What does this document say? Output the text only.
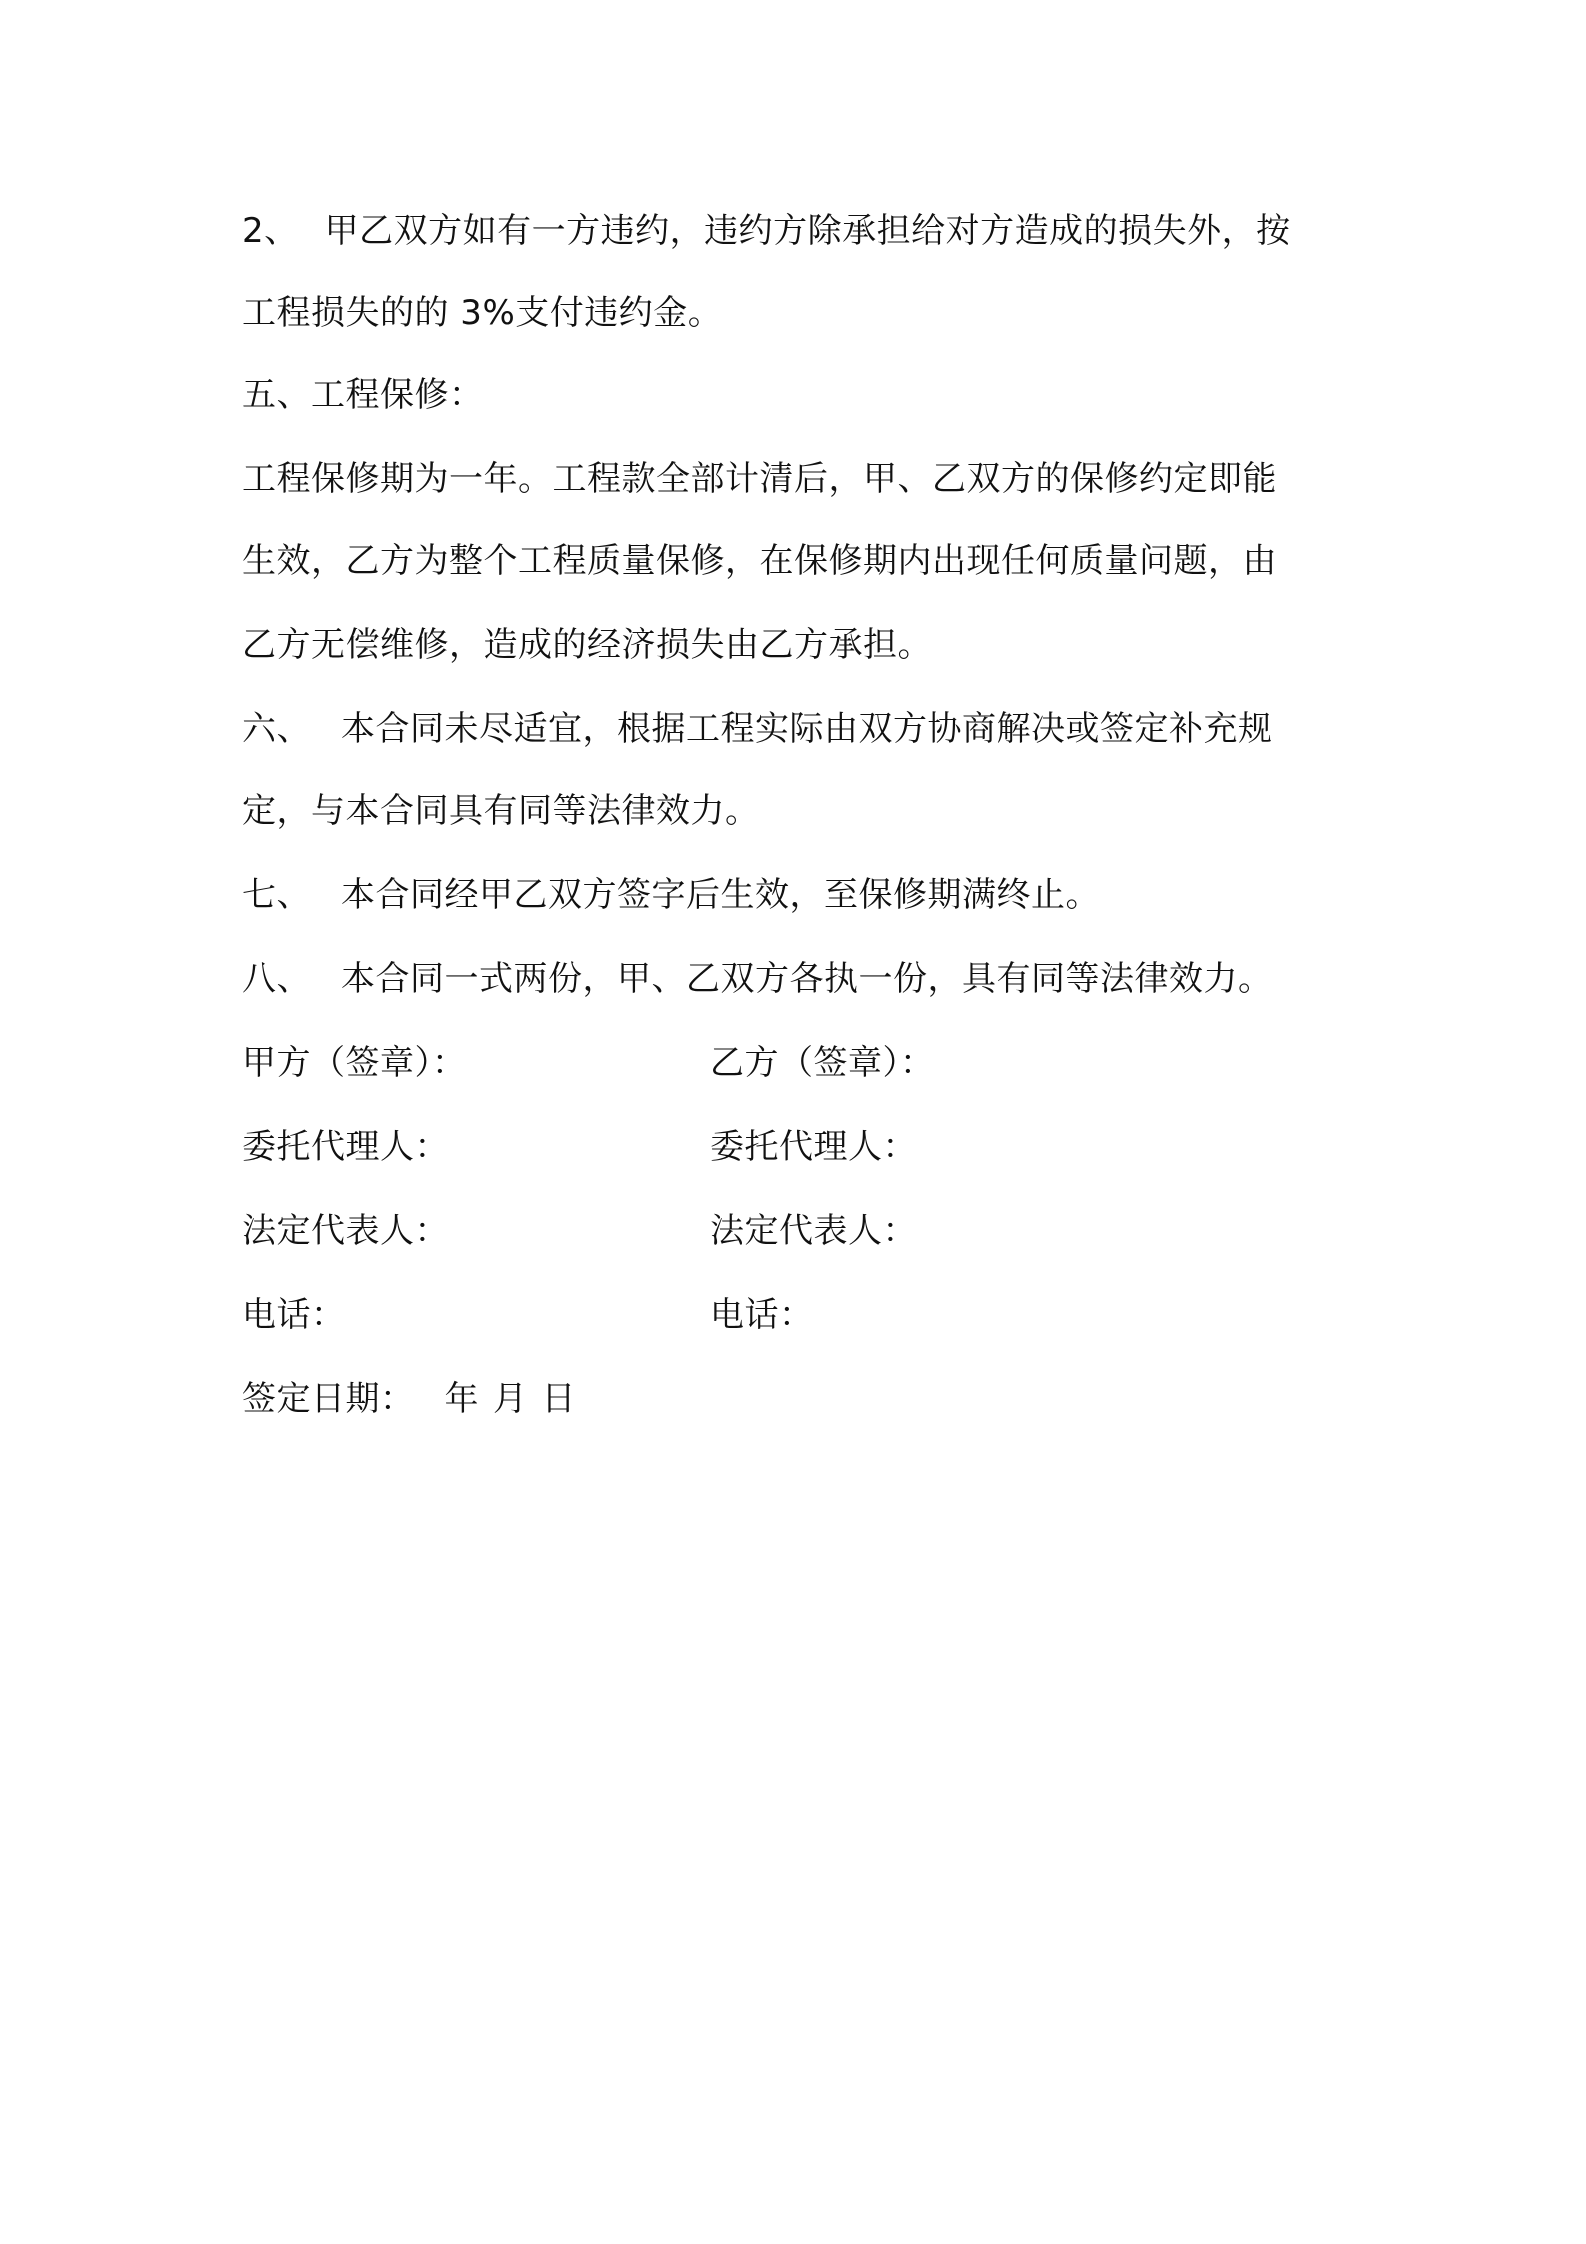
2、 甲乙双方如有一方违约，违约方除承担给对方造成的损失外，按
工程损失的的 3%支付违约金。
五、工程保修：
工程保修期为一年。工程款全部计清后，甲、乙双方的保修约定即能
生效，乙方为整个工程质量保修，在保修期内出现任何质量问题，由
乙方无偿维修，造成的经济损失由乙方承担。
六、 本合同未尽适宜，根据工程实际由双方协商解决或签定补充规
定，与本合同具有同等法律效力。
七、 本合同经甲乙双方签字后生效，至保修期满终止。
八、 本合同一式两份，甲、乙双方各执一份，具有同等法律效力。
甲方（签章）：	乙方（签章）：
委托代理人：	委托代理人：
法定代表人：	法定代表人：
电话：	电话：
签定日期： 年 月 日
